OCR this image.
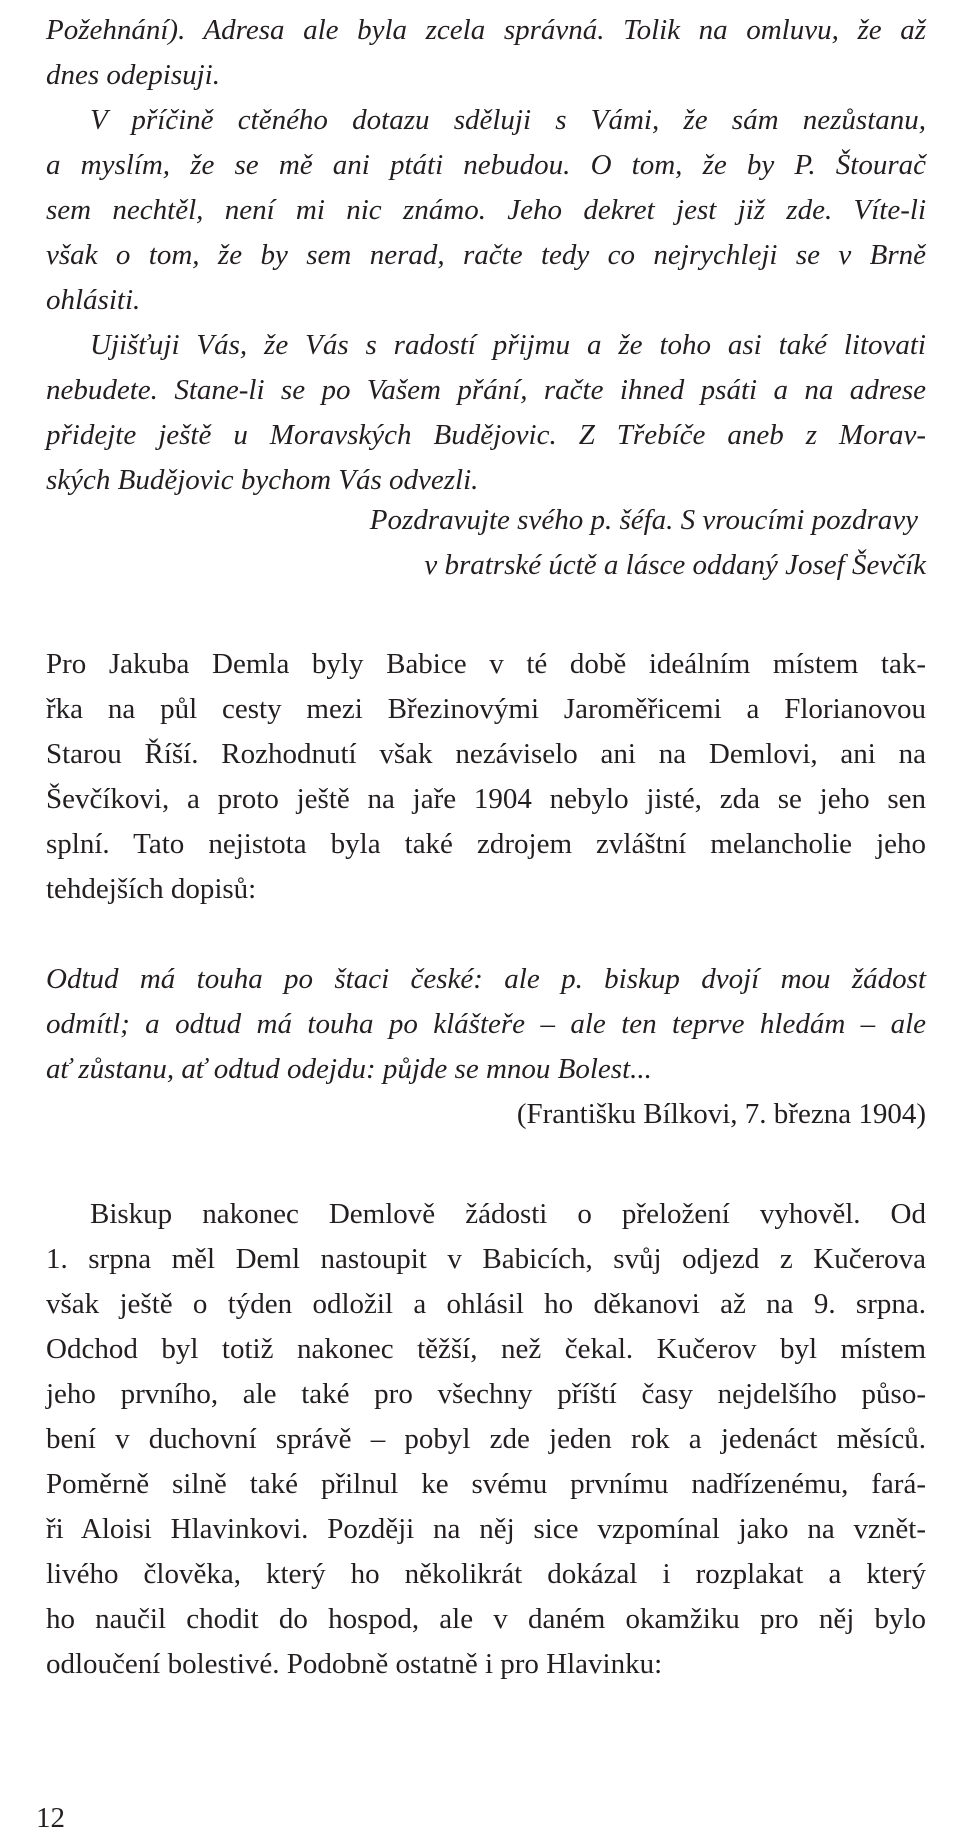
Požehnání). Adresa ale byla zcela správná. Tolik na omluvu, že až
dnes odepisuji.
V příčině ctěného dotazu sděluji s Vámi, že sám nezůstanu,
a myslím, že se mě ani ptáti nebudou. O tom, že by P. Štourač
sem nechtěl, není mi nic známo. Jeho dekret jest již zde. Víte-li
však o tom, že by sem nerad, račte tedy co nejrychleji se v Brně
ohlásiti.
Ujišťuji Vás, že Vás s radostí přijmu a že toho asi také litovati
nebudete. Stane-li se po Vašem přání, račte ihned psáti a na adrese
přidejte ještě u Moravských Budějovic. Z Třebíče aneb z Morav-
ských Budějovic bychom Vás odvezli.
Pozdravujte svého p. šéfa. S vroucími pozdravy
v bratrské úctě a lásce oddaný Josef Ševčík
Pro Jakuba Demla byly Babice v té době ideálním místem tak-
řka na půl cesty mezi Březinovými Jaroměřicemi a Florianovou
Starou Říší. Rozhodnutí však nezáviselo ani na Demlovi, ani na
Ševčíkovi, a proto ještě na jaře 1904 nebylo jisté, zda se jeho sen
splní. Tato nejistota byla také zdrojem zvláštní melancholie jeho
tehdejších dopisů:
Odtud má touha po štaci české: ale p. biskup dvojí mou žádost
odmítl; a odtud má touha po klášteře – ale ten teprve hledám – ale
ať zůstanu, ať odtud odejdu: půjde se mnou Bolest...
(Františku Bílkovi, 7. března 1904)
Biskup nakonec Demlově žádosti o přeložení vyhověl. Od
1. srpna měl Deml nastoupit v Babicích, svůj odjezd z Kučerova
však ještě o týden odložil a ohlásil ho děkanovi až na 9. srpna.
Odchod byl totiž nakonec těžší, než čekal. Kučerov byl místem
jeho prvního, ale také pro všechny příští časy nejdelšího půso-
bení v duchovní správě – pobyl zde jeden rok a jedenáct měsíců.
Poměrně silně také přilnul ke svému prvnímu nadřízenému, fará-
ři Aloisi Hlavinkovi. Později na něj sice vzpomínal jako na vznět-
livého člověka, který ho několikrát dokázal i rozplakat a který
ho naučil chodit do hospod, ale v daném okamžiku pro něj bylo
odloučení bolestivé. Podobně ostatně i pro Hlavinku:
12
